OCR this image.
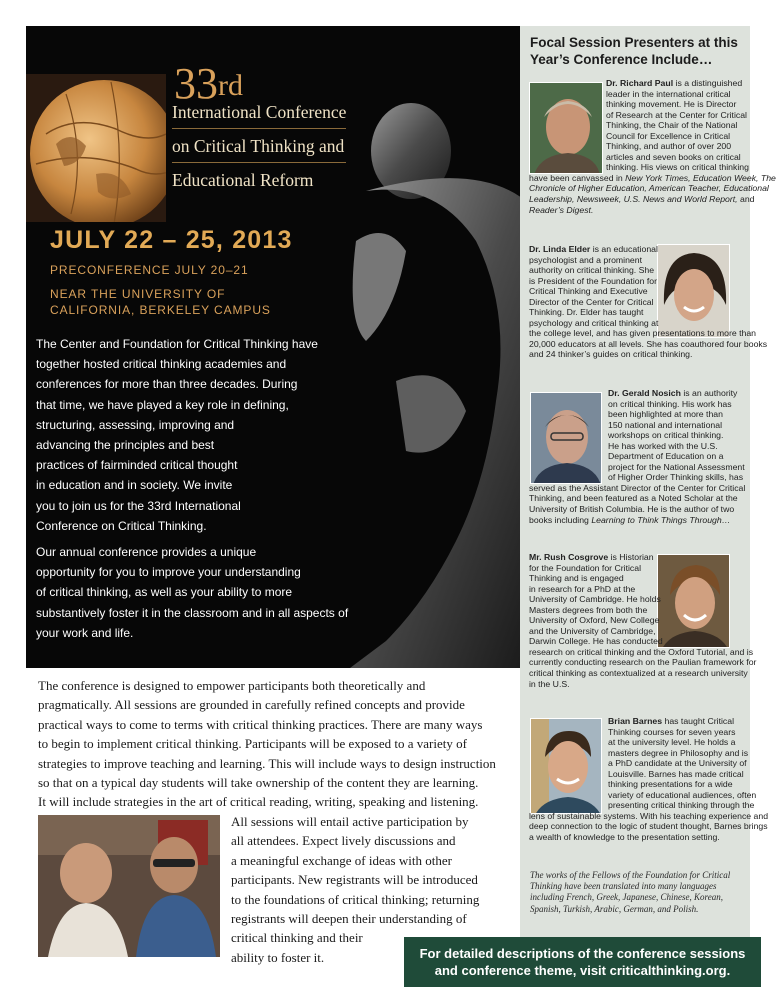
33rd
International Conference
on Critical Thinking and
Educational Reform
JULY 22 – 25, 2013
PRECONFERENCE JULY 20–21
NEAR THE UNIVERSITY OF
CALIFORNIA, BERKELEY CAMPUS
The Center and Foundation for Critical Thinking have
together hosted critical thinking academies and
conferences for more than three decades. During
that time, we have played a key role in defining,
structuring, assessing, improving and
advancing the principles and best
practices of fairminded critical thought
in education and in society. We invite
you to join us for the 33rd International
Conference on Critical Thinking.
Our annual conference provides a unique
opportunity for you to improve your understanding
of critical thinking, as well as your ability to more
substantively foster it in the classroom and in all aspects of
your work and life.
The conference is designed to empower participants both theoretically and
pragmatically. All sessions are grounded in carefully refined concepts and provide
practical ways to come to terms with critical thinking practices. There are many ways
to begin to implement critical thinking. Participants will be exposed to a variety of
strategies to improve teaching and learning. This will include ways to design instruction
so that on a typical day students will take ownership of the content they are learning.
It will include strategies in the art of critical reading, writing, speaking and listening.
All sessions will entail active participation by
all attendees. Expect lively discussions and
a meaningful exchange of ideas with other
participants. New registrants will be introduced
to the foundations of critical thinking; returning
registrants will deepen their understanding of
critical thinking and their
ability to foster it.
Focal Session Presenters at this
Year’s Conference Include…
Dr. Richard Paul is a distinguished
leader in the international critical
thinking movement. He is Director
of Research at the Center for Critical
Thinking, the Chair of the National
Council for Excellence in Critical
Thinking, and author of over 200
articles and seven books on critical
thinking. His views on critical thinking
have been canvassed in New York Times, Education Week, The
Chronicle of Higher Education, American Teacher, Educational
Leadership, Newsweek, U.S. News and World Report, and
Reader’s Digest.
Dr. Linda Elder is an educational
psychologist and a prominent
authority on critical thinking. She
is President of the Foundation for
Critical Thinking and Executive
Director of the Center for Critical
Thinking. Dr. Elder has taught
psychology and critical thinking at
the college level, and has given presentations to more than
20,000 educators at all levels. She has coauthored four books
and 24 thinker’s guides on critical thinking.
Dr. Gerald Nosich is an authority
on critical thinking. His work has
been highlighted at more than
150 national and international
workshops on critical thinking.
He has worked with the U.S.
Department of Education on a
project for the National Assessment
of Higher Order Thinking skills, has
served as the Assistant Director of the Center for Critical
Thinking, and been featured as a Noted Scholar at the
University of British Columbia. He is the author of two
books including Learning to Think Things Through…
Mr. Rush Cosgrove is Historian
for the Foundation for Critical
Thinking and is engaged
in research for a PhD at the
University of Cambridge. He holds
Masters degrees from both the
University of Oxford, New College
and the University of Cambridge,
Darwin College. He has conducted
research on critical thinking and the Oxford Tutorial, and is
currently conducting research on the Paulian framework for
critical thinking as contextualized at a research university
in the U.S.
Brian Barnes has taught Critical
Thinking courses for seven years
at the university level. He holds a
masters degree in Philosophy and is
a PhD candidate at the University of
Louisville. Barnes has made critical
thinking presentations for a wide
variety of educational audiences, often
presenting critical thinking through the
lens of sustainable systems. With his teaching experience and
deep connection to the logic of student thought, Barnes brings
a wealth of knowledge to the presentation setting.
The works of the Fellows of the Foundation for Critical
Thinking have been translated into many languages
including French, Greek, Japanese, Chinese, Korean,
Spanish, Turkish, Arabic, German, and Polish.
For detailed descriptions of the conference sessions
and conference theme, visit criticalthinking.org.
